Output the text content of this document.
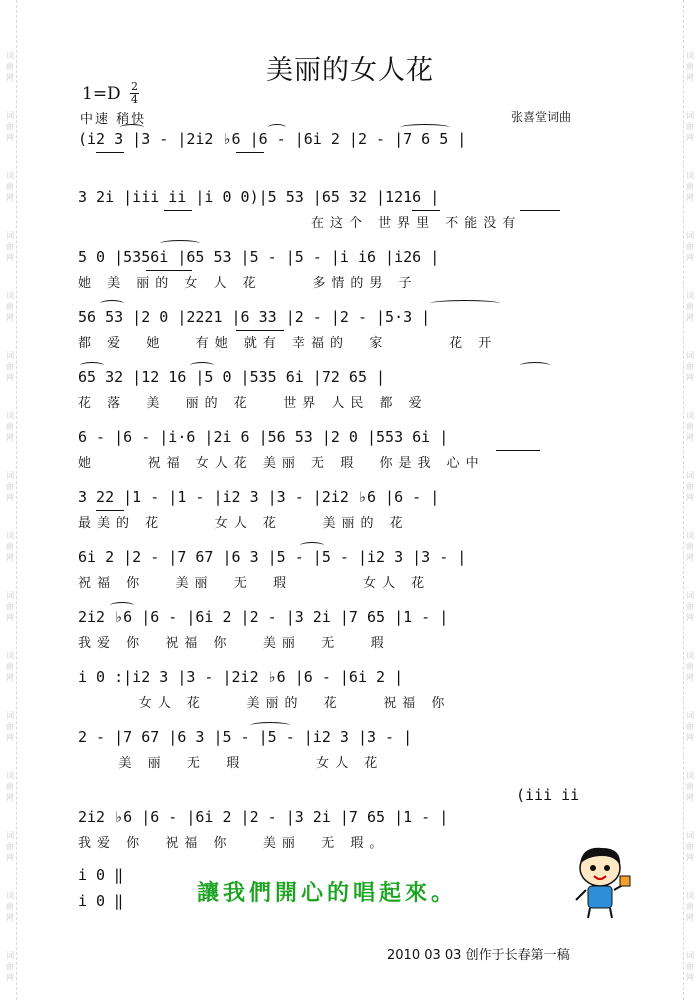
词
曲
网
词
曲
网
词
曲
网
词
曲
网
词
曲
网
词
曲
网
词
曲
网
词
曲
网
词
曲
网
词
曲
网
词
曲
网
词
曲
网
词
曲
网
词
曲
网
词
曲
网
词
曲
网
词
曲
网
词
曲
网
词
曲
网
词
曲
网
词
曲
网
词
曲
网
词
曲
网
词
曲
网
词
曲
网
词
曲
网
词
曲
网
词
曲
网
词
曲
网
词
曲
网
词
曲
网
词
曲
网
美丽的女人花
1=D 2
4
中速 稍快	张喜堂词曲
(i2 3 |3 - |2i2 ♭6 |6 - |6i 2 |2 - |7 6 5 |
3 2i |iii ii |i 0 0)|5 53 |65 32 |1216 |
在这个 世界里 不能没有
5 0 |5356i |65 53 |5 - |5 - |i i6 |i26 |
她 美 丽的 女 人 花     多情的男 子
56 53 |2 0 |2221 |6 33 |2 - |2 - |5·3 |
都 爱  她   有她 就有 幸福的  家      花 开
65 32 |12 16 |5 0 |535 6i |72 65 |
花 落  美  丽的 花   世界 人民 都 爱
6 - |6 - |i·6 |2i 6 |56 53 |2 0 |553 6i |
她     祝福 女人花 美丽 无 瑕  你是我 心中
3 22 |1 - |1 - |i2 3 |3 - |2i2 ♭6 |6 - |
最美的 花     女人 花    美丽的 花
6i 2 |2 - |7 67 |6 3 |5 - |5 - |i2 3 |3 - |
祝福 你   美丽  无  瑕       女人 花
2i2 ♭6 |6 - |6i 2 |2 - |3 2i |7 65 |1 - |
我爱 你  祝福 你   美丽  无   瑕
i 0 :|i2 3 |3 - |2i2 ♭6 |6 - |6i 2 |
女人 花    美丽的  花    祝福 你
2 - |7 67 |6 3 |5 - |5 - |i2 3 |3 - |
美 丽  无  瑕       女人 花
(iii ii
2i2 ♭6 |6 - |6i 2 |2 - |3 2i |7 65 |1 - |
我爱 你  祝福 你   美丽  无 瑕。
i 0 ‖
i 0 ‖	讓我們開心的唱起來。
2010 03 03 创作于长春第一稿
